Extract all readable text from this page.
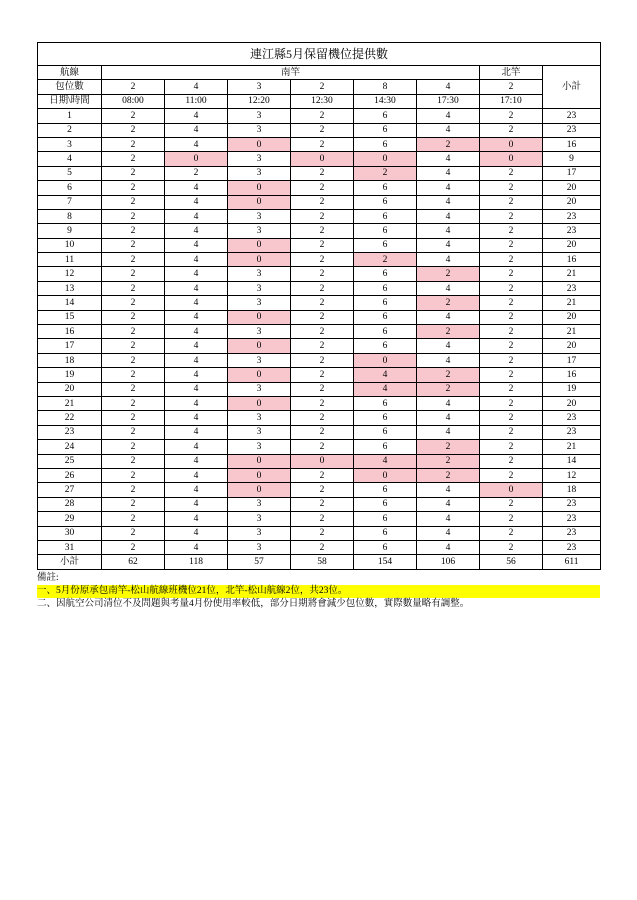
連江縣5月保留機位提供數								
航線	南竿						北竿	小計
包位數	2	4	3	2	8	4	2	
日期\時間	08:00	11:00	12:20	12:30	14:30	17:30	17:10	
1	2	4	3	2	6	4	2	23
2	2	4	3	2	6	4	2	23
3	2	4	0	2	6	2	0	16
4	2	0	3	0	0	4	0	9
5	2	2	3	2	2	4	2	17
6	2	4	0	2	6	4	2	20
7	2	4	0	2	6	4	2	20
8	2	4	3	2	6	4	2	23
9	2	4	3	2	6	4	2	23
10	2	4	0	2	6	4	2	20
11	2	4	0	2	2	4	2	16
12	2	4	3	2	6	2	2	21
13	2	4	3	2	6	4	2	23
14	2	4	3	2	6	2	2	21
15	2	4	0	2	6	4	2	20
16	2	4	3	2	6	2	2	21
17	2	4	0	2	6	4	2	20
18	2	4	3	2	0	4	2	17
19	2	4	0	2	4	2	2	16
20	2	4	3	2	4	2	2	19
21	2	4	0	2	6	4	2	20
22	2	4	3	2	6	4	2	23
23	2	4	3	2	6	4	2	23
24	2	4	3	2	6	2	2	21
25	2	4	0	0	4	2	2	14
26	2	4	0	2	0	2	2	12
27	2	4	0	2	6	4	0	18
28	2	4	3	2	6	4	2	23
29	2	4	3	2	6	4	2	23
30	2	4	3	2	6	4	2	23
31	2	4	3	2	6	4	2	23
小計	62	118	57	58	154	106	56	611
備註:
一、5月份原承包南竿-松山航線班機位21位，北竿-松山航線2位，共23位。
二、因航空公司清位不及問題與考量4月份使用率較低，部分日期將會減少包位數，實際數量略有調整。
